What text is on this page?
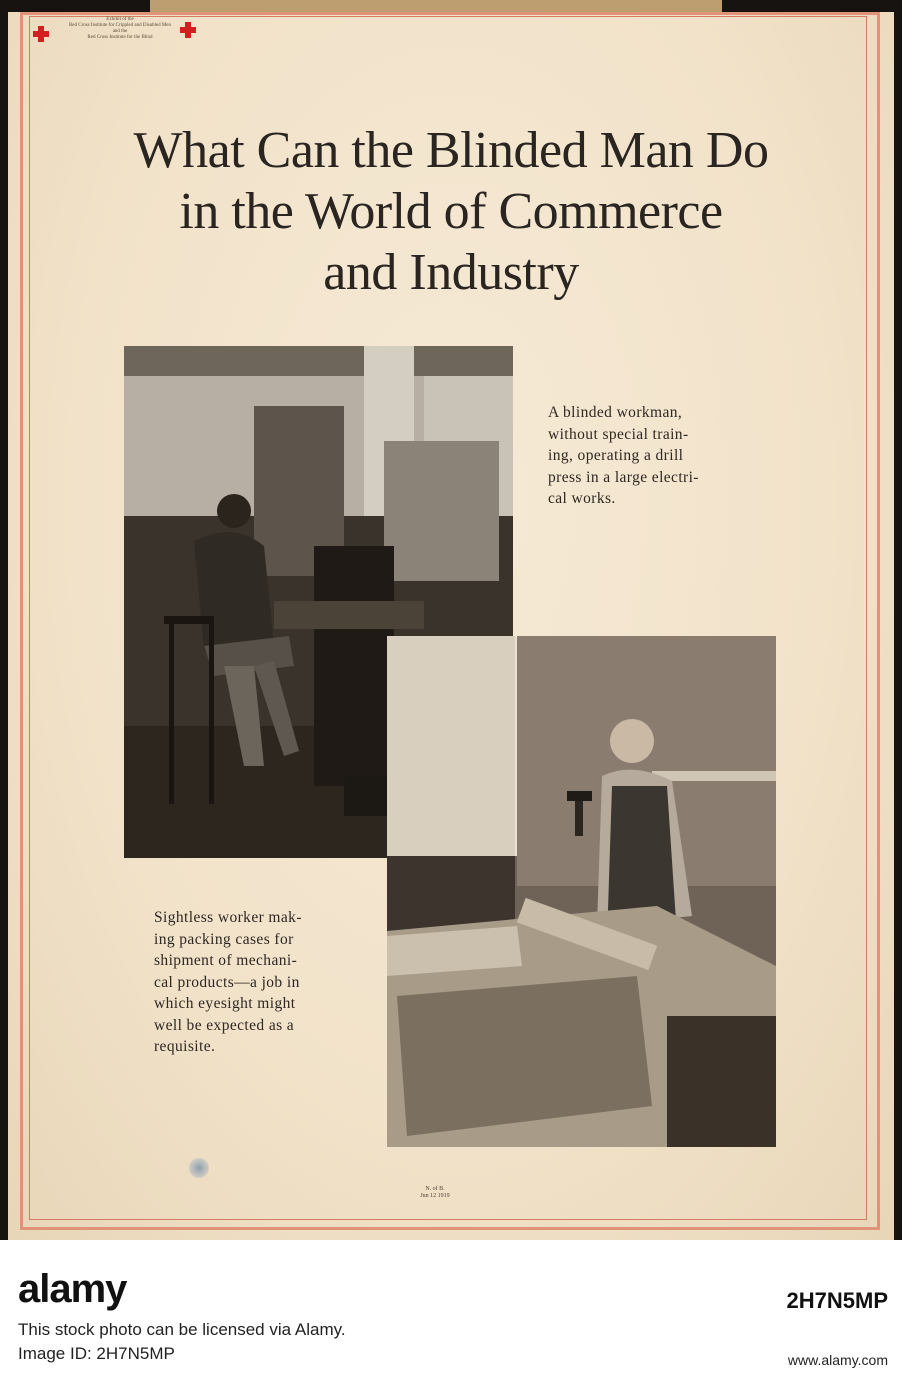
Exhibit of the
Red Cross Institute for Crippled and Disabled Men
and the
Red Cross Institute for the Blind
What Can the Blinded Man Do
in the World of Commerce
and Industry
A blinded workman,
without special train-
ing, operating a drill
press in a large electri-
cal works.
Sightless worker mak-
ing packing cases for
shipment of mechani-
cal products—a job in
which eyesight might
well be expected as a
requisite.
N. of B.
Jun 12 1919
alamy
This stock photo can be licensed via Alamy.
Image ID: 2H7N5MP
2H7N5MP
www.alamy.com
